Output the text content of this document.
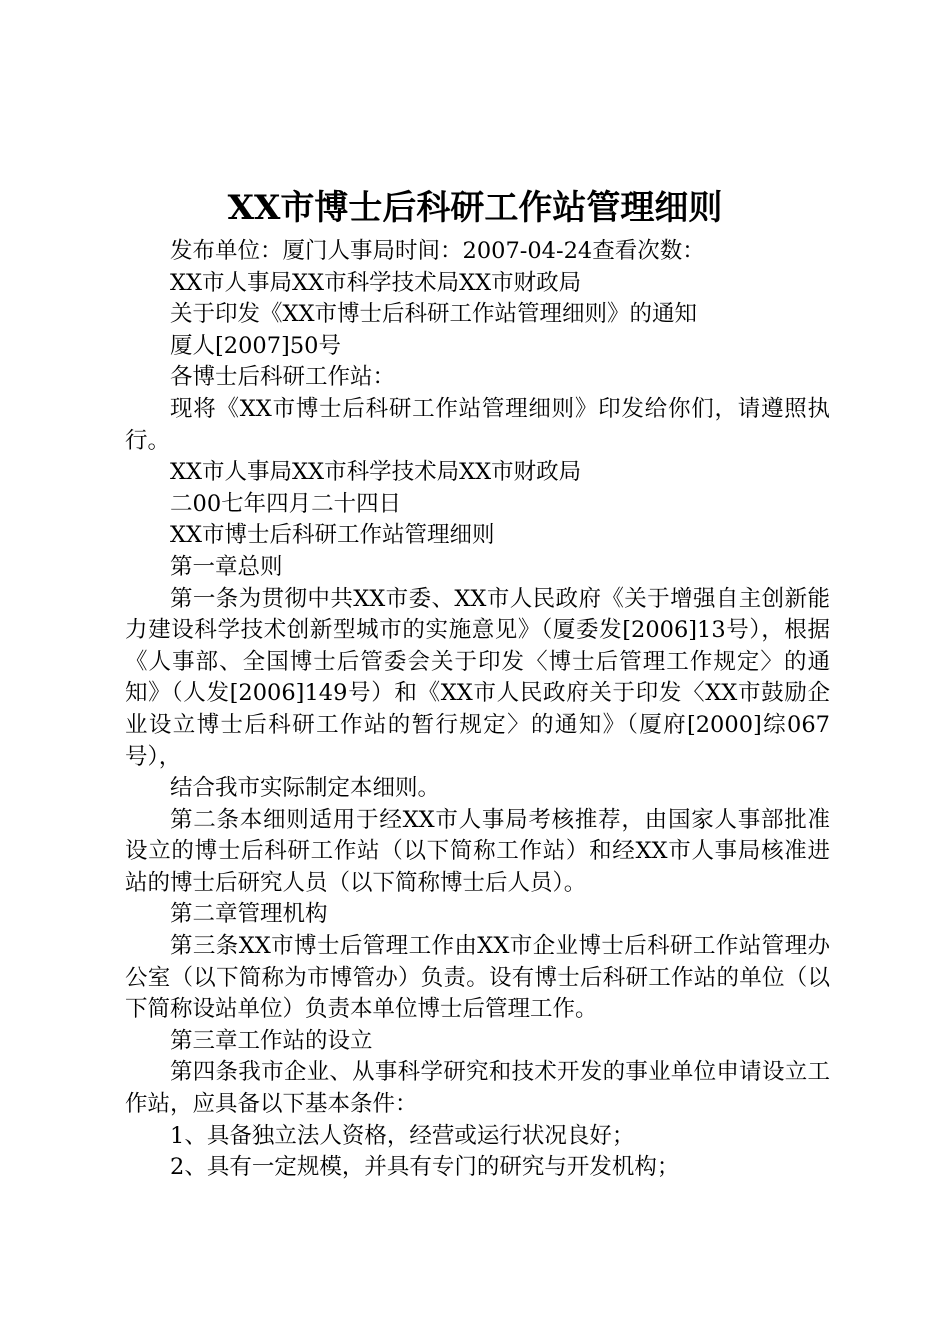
XX市博士后科研工作站管理细则

发布单位：厦门人事局时间：2007-04-24查看次数：

XX市人事局XX市科学技术局XX市财政局

关于印发《XX市博士后科研工作站管理细则》的通知

厦人[2007]50号

各博士后科研工作站：

现将《XX市博士后科研工作站管理细则》印发给你们，请遵照执行。

XX市人事局XX市科学技术局XX市财政局

二00七年四月二十四日

XX市博士后科研工作站管理细则

第一章总则

第一条为贯彻中共XX市委、XX市人民政府《关于增强自主创新能力建设科学技术创新型城市的实施意见》（厦委发[2006]13号），根据《人事部、全国博士后管委会关于印发〈博士后管理工作规定〉的通知》（人发[2006]149号）和《XX市人民政府关于印发〈XX市鼓励企业设立博士后科研工作站的暂行规定〉的通知》（厦府[2000]综067号），

结合我市实际制定本细则。

第二条本细则适用于经XX市人事局考核推荐，由国家人事部批准设立的博士后科研工作站（以下简称工作站）和经XX市人事局核准进站的博士后研究人员（以下简称博士后人员）。

第二章管理机构

第三条XX市博士后管理工作由XX市企业博士后科研工作站管理办公室（以下简称为市博管办）负责。设有博士后科研工作站的单位（以下简称设站单位）负责本单位博士后管理工作。

第三章工作站的设立

第四条我市企业、从事科学研究和技术开发的事业单位申请设立工作站，应具备以下基本条件：

1、具备独立法人资格，经营或运行状况良好；

2、具有一定规模，并具有专门的研究与开发机构；
